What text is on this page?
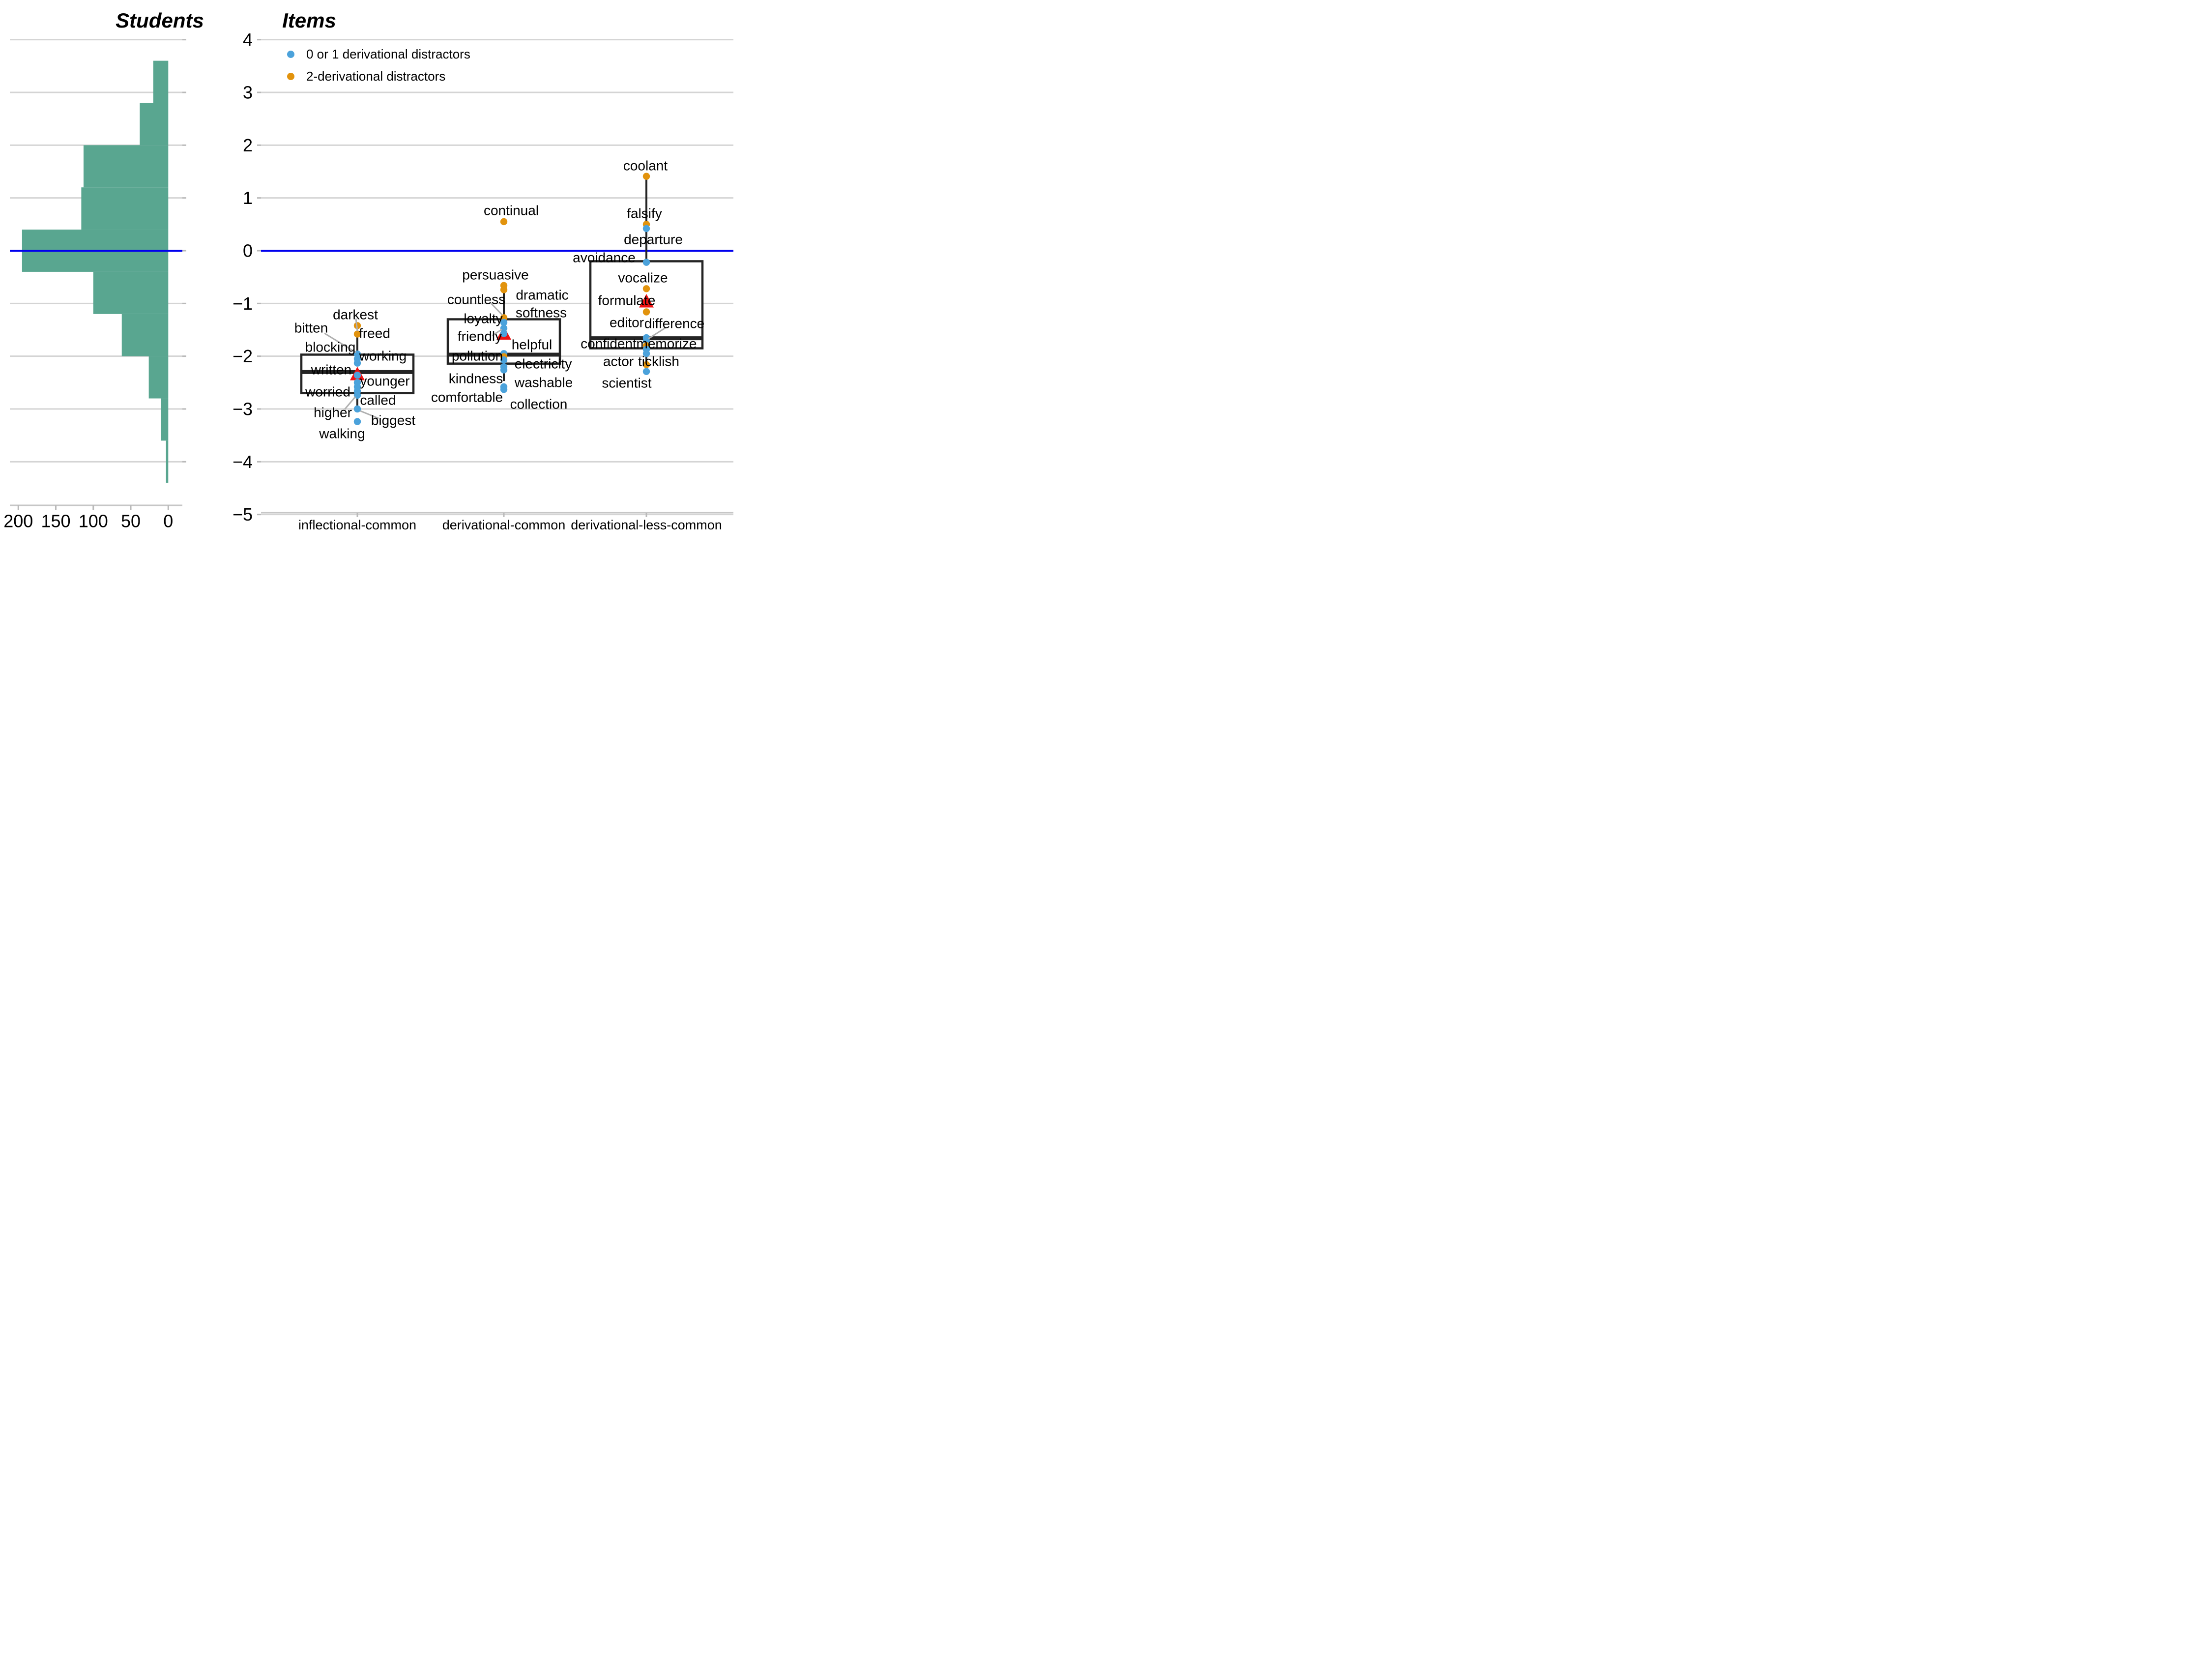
4
3
2
1
0
−1
−2
−3
−4
−5
200 150 100 50 0	inflectional-common derivational-common derivational-less-common
darkest
freed
bitten
blocking
working
written
younger
worried
called
higher
biggest
walking
continual
persuasive
dramatic
countless
softness
loyalty
friendly
helpful
pollution
electricity
kindness washable
comfortable collection
coolant
falsify
departure
avoidance
vocalize
formulate
editor difference
memorize
confident
actor ticklish
scientist
Students	Items
0 or 1 derivational distractors
2-derivational distractors
